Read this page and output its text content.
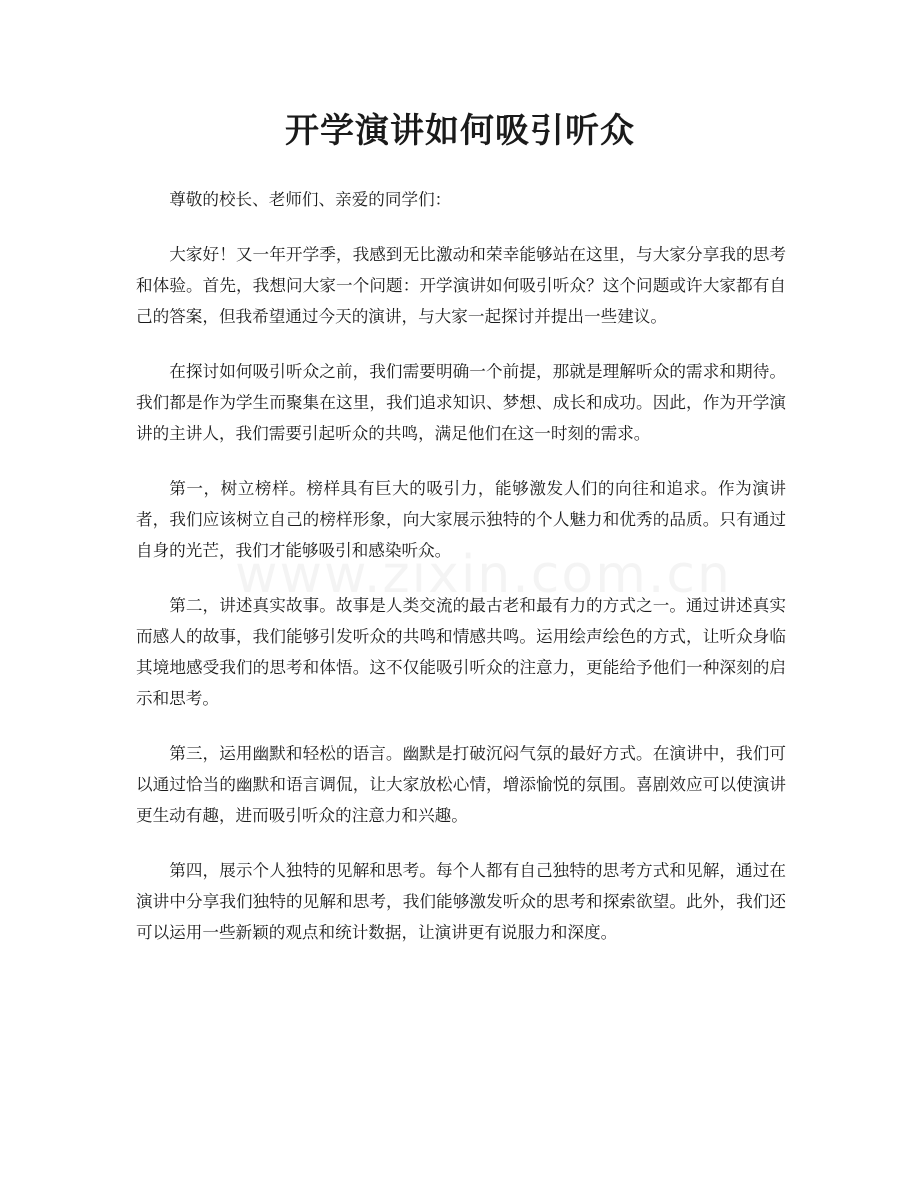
开学演讲如何吸引听众

尊敬的校长、老师们、亲爱的同学们：

大家好！又一年开学季，我感到无比激动和荣幸能够站在这里，与大家分享我的思考和体验。首先，我想问大家一个问题：开学演讲如何吸引听众？这个问题或许大家都有自己的答案，但我希望通过今天的演讲，与大家一起探讨并提出一些建议。

在探讨如何吸引听众之前，我们需要明确一个前提，那就是理解听众的需求和期待。我们都是作为学生而聚集在这里，我们追求知识、梦想、成长和成功。因此，作为开学演讲的主讲人，我们需要引起听众的共鸣，满足他们在这一时刻的需求。

第一，树立榜样。榜样具有巨大的吸引力，能够激发人们的向往和追求。作为演讲者，我们应该树立自己的榜样形象，向大家展示独特的个人魅力和优秀的品质。只有通过自身的光芒，我们才能够吸引和感染听众。

第二，讲述真实故事。故事是人类交流的最古老和最有力的方式之一。通过讲述真实而感人的故事，我们能够引发听众的共鸣和情感共鸣。运用绘声绘色的方式，让听众身临其境地感受我们的思考和体悟。这不仅能吸引听众的注意力，更能给予他们一种深刻的启示和思考。

第三，运用幽默和轻松的语言。幽默是打破沉闷气氛的最好方式。在演讲中，我们可以通过恰当的幽默和语言调侃，让大家放松心情，增添愉悦的氛围。喜剧效应可以使演讲更生动有趣，进而吸引听众的注意力和兴趣。

第四，展示个人独特的见解和思考。每个人都有自己独特的思考方式和见解，通过在演讲中分享我们独特的见解和思考，我们能够激发听众的思考和探索欲望。此外，我们还可以运用一些新颖的观点和统计数据，让演讲更有说服力和深度。
